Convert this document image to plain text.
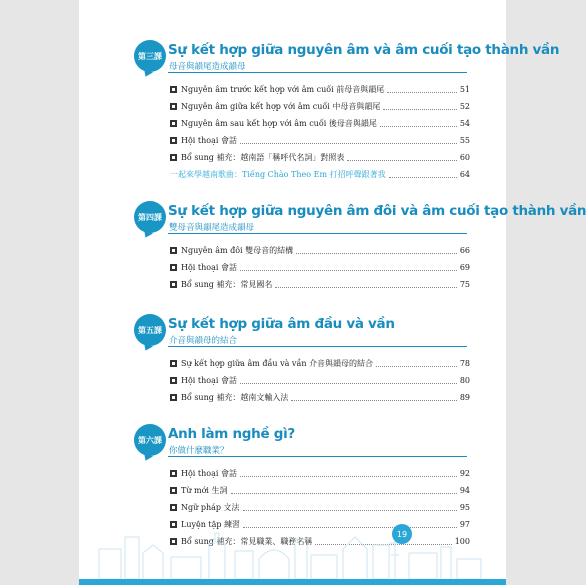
第三課 Sự kết hợp giữa nguyên âm và âm cuối tạo thành vần
母音與韻尾造成韻母
Nguyên âm trước kết hợp với âm cuối 前母音與韻尾	51
Nguyên âm giữa kết hợp với âm cuối 中母音與韻尾	52
Nguyên âm sau kết hợp với âm cuối 後母音與韻尾	54
Hội thoại 會話	55
Bổ sung 補充：越南語「稱呼代名詞」對照表	60
一起來學越南歌曲：Tiếng Chào Theo Em 打招呼聲跟著我	64
第四課 Sự kết hợp giữa nguyên âm đôi và âm cuối tạo thành vần
雙母音與韻尾造成韻母
Nguyên âm đôi 雙母音的結構	66
Hội thoại 會話	69
Bổ sung 補充：常見國名	75
第五課 Sự kết hợp giữa âm đầu và vần
介音與韻母的結合
Sự kết hợp giữa âm đầu và vần 介音與韻母的結合	78
Hội thoại 會話	80
Bổ sung 補充：越南文輸入法	89
第六課 Anh làm nghề gì?
你做什麼職業？
Hội thoại 會話	92
Từ mới 生詞	94
Ngữ pháp 文法	95
Luyện tập 練習	97
Bổ sung 補充：常見職業、職務名稱	100
19
